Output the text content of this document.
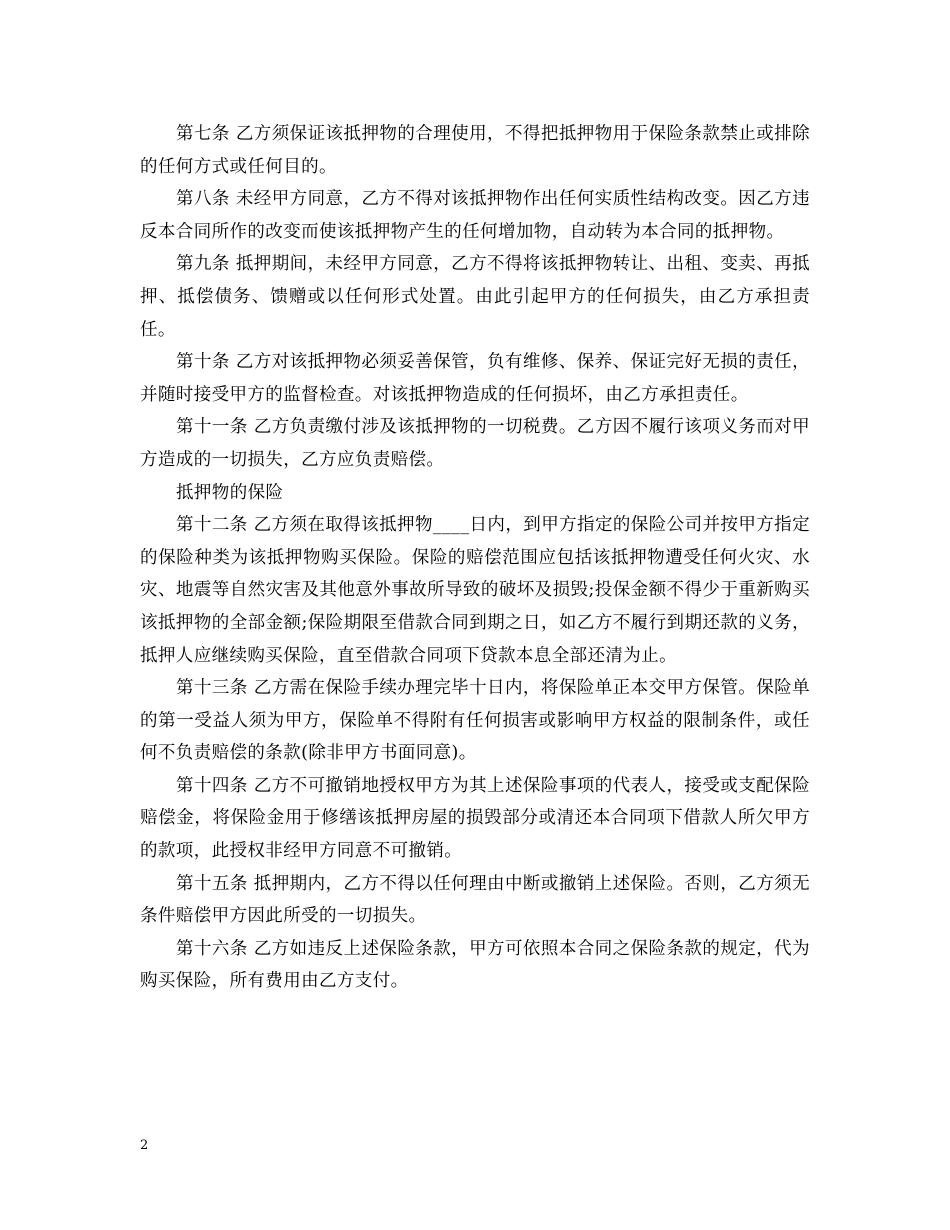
第七条 乙方须保证该抵押物的合理使用，不得把抵押物用于保险条款禁止或排除的任何方式或任何目的。

第八条 未经甲方同意，乙方不得对该抵押物作出任何实质性结构改变。因乙方违反本合同所作的改变而使该抵押物产生的任何增加物，自动转为本合同的抵押物。

第九条 抵押期间，未经甲方同意，乙方不得将该抵押物转让、出租、变卖、再抵押、抵偿债务、馈赠或以任何形式处置。由此引起甲方的任何损失，由乙方承担责任。

第十条 乙方对该抵押物必须妥善保管，负有维修、保养、保证完好无损的责任，并随时接受甲方的监督检查。对该抵押物造成的任何损坏，由乙方承担责任。

第十一条 乙方负责缴付涉及该抵押物的一切税费。乙方因不履行该项义务而对甲方造成的一切损失，乙方应负责赔偿。

抵押物的保险

第十二条 乙方须在取得该抵押物____日内，到甲方指定的保险公司并按甲方指定的保险种类为该抵押物购买保险。保险的赔偿范围应包括该抵押物遭受任何火灾、水灾、地震等自然灾害及其他意外事故所导致的破坏及损毁;投保金额不得少于重新购买该抵押物的全部金额;保险期限至借款合同到期之日，如乙方不履行到期还款的义务，抵押人应继续购买保险，直至借款合同项下贷款本息全部还清为止。

第十三条 乙方需在保险手续办理完毕十日内，将保险单正本交甲方保管。保险单的第一受益人须为甲方，保险单不得附有任何损害或影响甲方权益的限制条件，或任何不负责赔偿的条款(除非甲方书面同意)。

第十四条 乙方不可撤销地授权甲方为其上述保险事项的代表人，接受或支配保险赔偿金，将保险金用于修缮该抵押房屋的损毁部分或清还本合同项下借款人所欠甲方的款项，此授权非经甲方同意不可撤销。

第十五条 抵押期内，乙方不得以任何理由中断或撤销上述保险。否则，乙方须无条件赔偿甲方因此所受的一切损失。

第十六条 乙方如违反上述保险条款，甲方可依照本合同之保险条款的规定，代为购买保险，所有费用由乙方支付。

2
